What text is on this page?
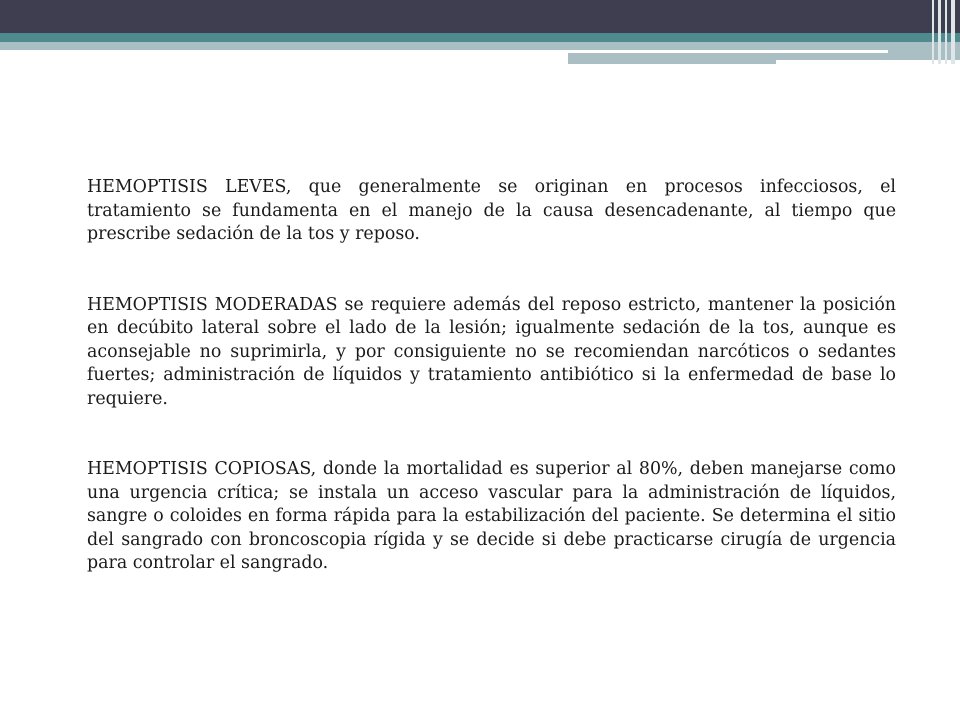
HEMOPTISIS LEVES, que generalmente se originan en procesos infecciosos, el tratamiento se fundamenta en el manejo de la causa desencadenante, al tiempo que prescribe sedación de la tos y reposo.

HEMOPTISIS MODERADAS se requiere además del reposo estricto, mantener la posición en decúbito lateral sobre el lado de la lesión; igualmente sedación de la tos, aunque es aconsejable no suprimirla, y por consiguiente no se recomiendan narcóticos o sedantes fuertes; administración de líquidos y tratamiento antibiótico si la enfermedad de base lo requiere.

HEMOPTISIS COPIOSAS, donde la mortalidad es superior al 80%, deben manejarse como una urgencia crítica; se instala un acceso vascular para la administración de líquidos, sangre o coloides en forma rápida para la estabilización del paciente. Se determina el sitio del sangrado con broncoscopia rígida y se decide si debe practicarse cirugía de urgencia para controlar el sangrado.
